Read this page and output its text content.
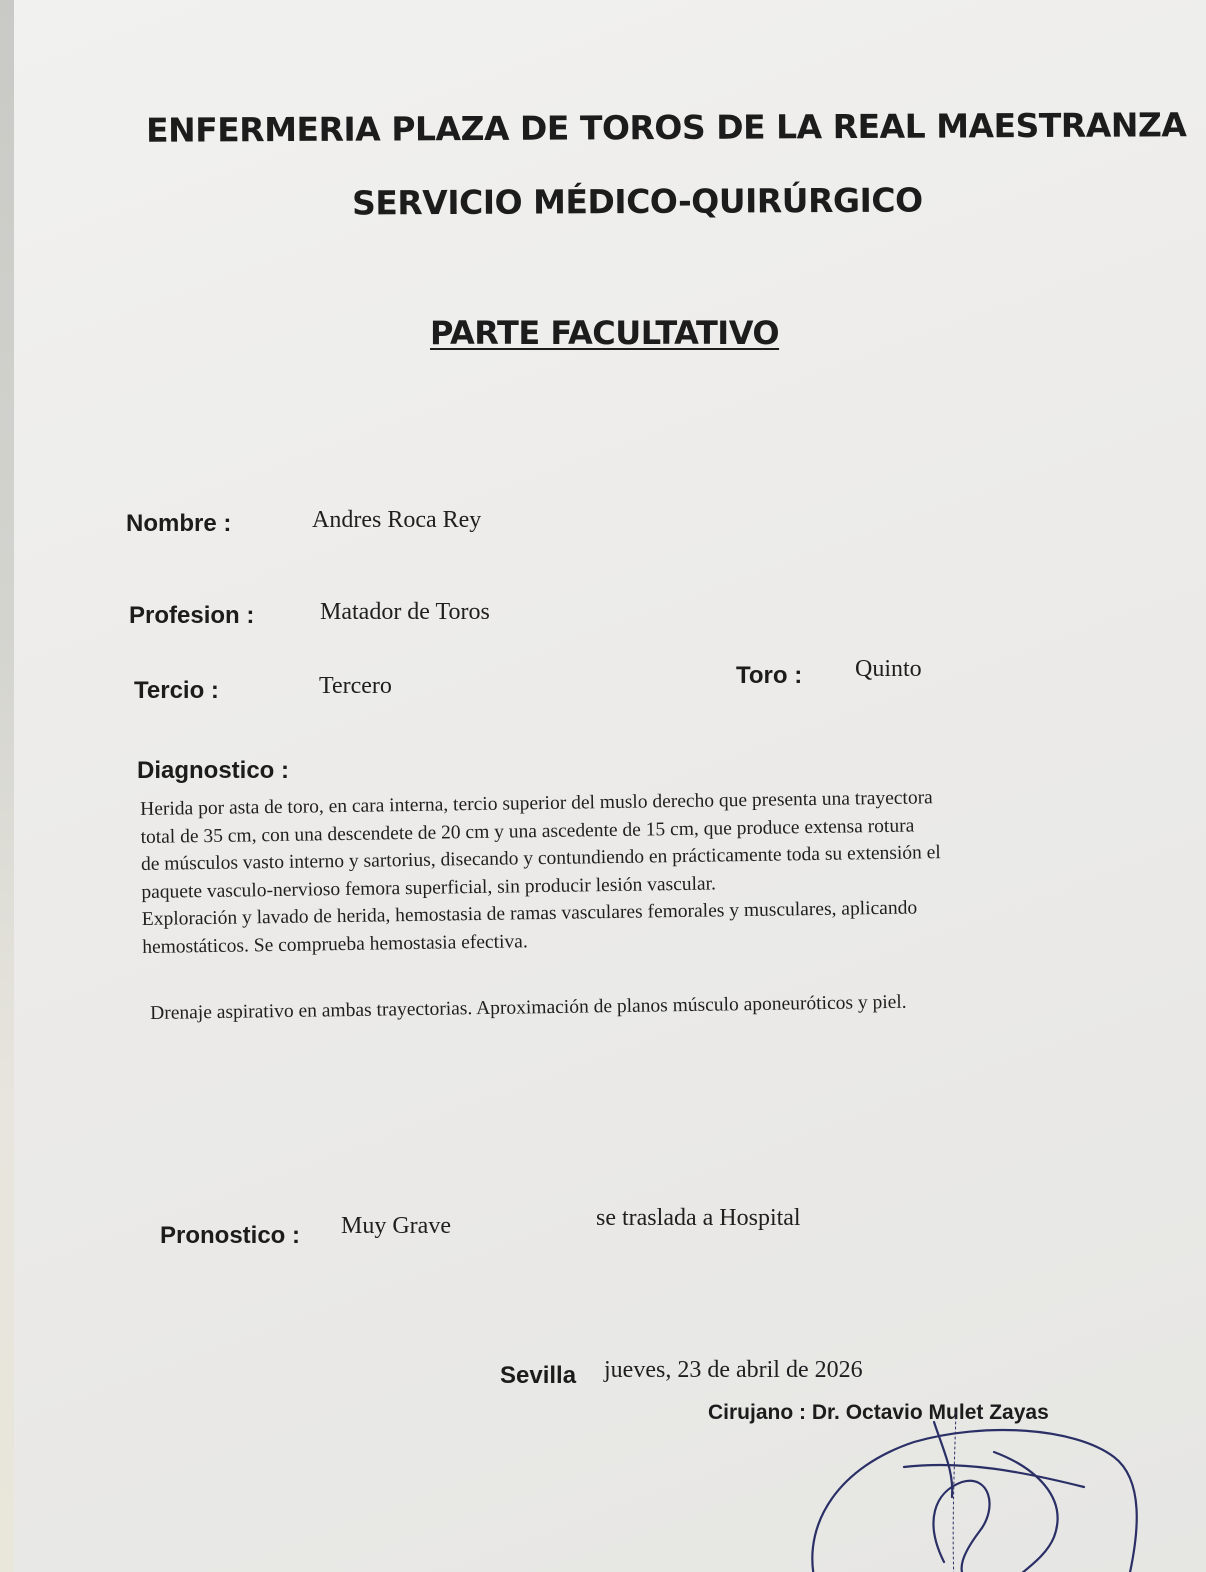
ENFERMERIA PLAZA DE TOROS DE LA REAL MAESTRANZA
SERVICIO MÉDICO-QUIRÚRGICO
PARTE FACULTATIVO
Nombre :	Andres Roca Rey
Profesion :	Matador de Toros
Tercio :	Tercero	Toro : Quinto
Diagnostico :
Herida por asta de toro, en cara interna, tercio superior del muslo derecho que presenta una trayectora
total de 35 cm, con una descendete de 20 cm y una ascedente de 15 cm, que produce extensa rotura
de músculos vasto interno y sartorius, disecando y contundiendo en prácticamente toda su extensión el
paquete vasculo-nervioso femora superficial, sin producir lesión vascular.
Exploración y lavado de herida, hemostasia de ramas vasculares femorales y musculares, aplicando
hemostáticos. Se comprueba hemostasia efectiva.
Drenaje aspirativo en ambas trayectorias. Aproximación de planos músculo aponeuróticos y piel.
Pronostico : Muy Grave	se traslada a Hospital
Sevilla jueves, 23 de abril de 2026
Cirujano : Dr. Octavio Mulet Zayas
